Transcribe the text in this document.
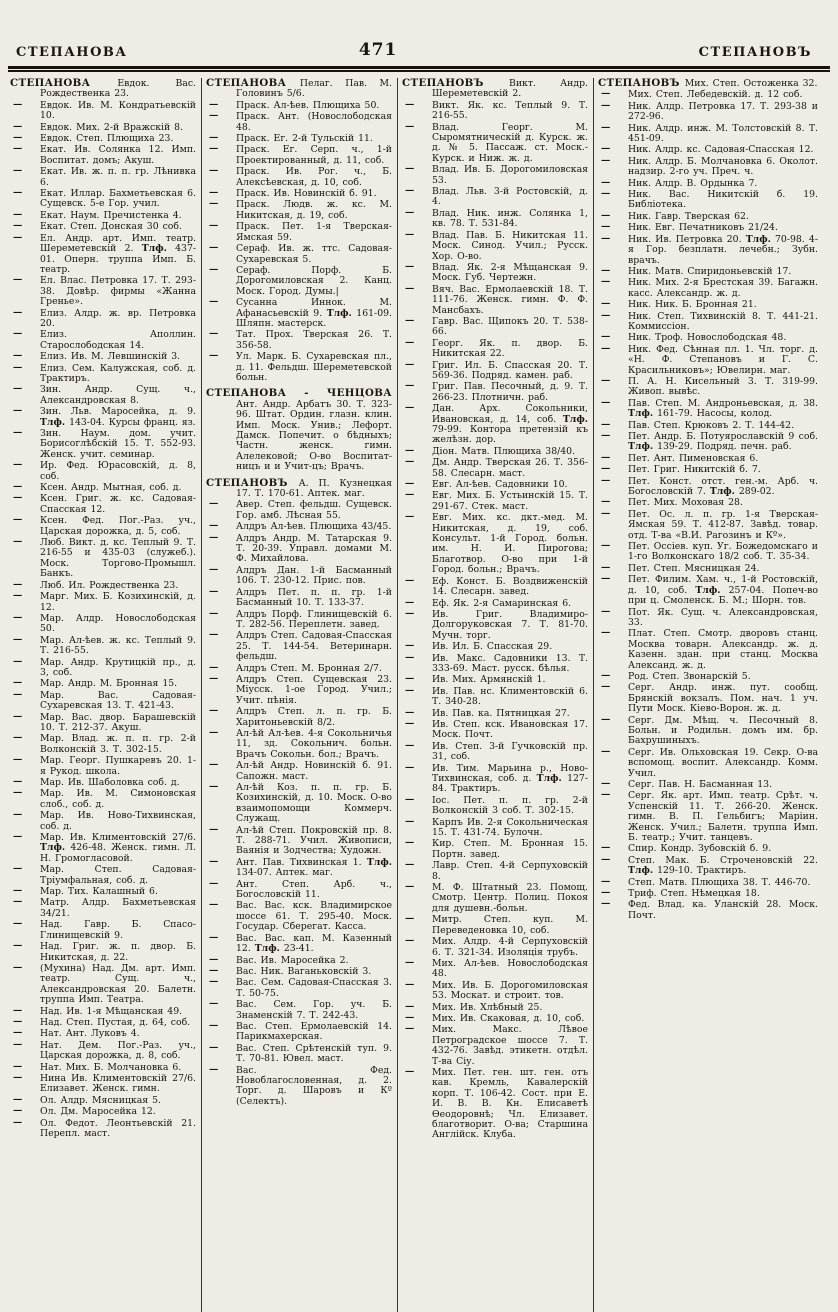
СТЕПАНОВА	471	СТЕПАНОВЪ

СТЕПАНОВА Евдок. Вас. Рождественка 23.

— Евдок. Ив. М. Кондратьевскій 10.

— Евдок. Мих. 2-й Вражскій 8.

— Евдок. Степ. Плющиха 23.

— Екат. Ив. Солянка 12. Имп. Воспитат. домъ; Акуш.

— Екат. Ив. ж. п. п. гр. Лѣнивка 6.

— Екат. Иллар. Бахметьевская 6. Сущевск. 5-е Гор. учил.

— Екат. Наум. Пречистенка 4.

— Екат. Степ. Донская 30 соб.

— Ел. Андр. арт. Имп. театр. Шереметевскій 2. Тлф. 437-01. Оперн. труппа Имп. Б. театр.

— Ел. Влас. Петровка 17. Т. 293-38. Довѣр. фирмы «Жанна Гренье».

— Елиз. Алдр. ж. вр. Петровка 20.

— Елиз. Аполлин. Старослободская 14.

— Елиз. Ив. М. Левшинскій 3.

— Елиз. Сем. Калужская, соб. д. Трактиръ.

— Зин. Андр. Сущ. ч., Александровская 8.

— Зин. Льв. Маросейка, д. 9. Тлф. 143-04. Курсы франц. яз.

— Зин. Наум. дом. учит. Борисоглѣбскій 15. Т. 552-93. Женск. учит. семинар.

— Ир. Фед. Юрасовскій, д. 8, соб.

— Ксен. Андр. Мытная, соб. д.

— Ксен. Григ. ж. кс. Садовая-Спасская 12.

— Ксен. Фед. Пог.-Раз. уч., Царская дорожка, д. 5, соб.

— Люб. Викт. д. кс. Теплый 9. Т. 216-55 и 435-03 (служеб.). Моск. Торгово-Промышл. Банкъ.

— Люб. Ил. Рождественка 23.

— Марг. Мих. Б. Козихинскій, д. 12.

— Мар. Алдр. Новослободская 50.

— Мар. Ал-ѣев. ж. кс. Теплый 9. Т. 216-55.

— Мар. Андр. Крутицкій пр., д. 3, соб.

— Мар. Андр. М. Бронная 15.

— Мар. Вас. Садовая-Сухаревская 13. Т. 421-43.

— Мар. Вас. двор. Барашевскій 10. Т. 212-37. Акуш.

— Мар. Влад. ж. п. п. гр. 2-й Волконскій 3. Т. 302-15.

— Мар. Георг. Пушкаревъ 20. 1-я Рукод. школа.

— Мар. Ив. Шаболовка соб. д.

— Мар. Ив. М. Симоновская слоб., соб. д.

— Мар. Ив. Ново-Тихвинская, соб. д.

— Мар. Ив. Климентовскій 27/6. Тлф. 426-48. Женск. гимн. Л. Н. Громогласовой.

— Мар. Степ. Садовая-Тріумфальная, соб. д.

— Мар. Тих. Калашный 6.

— Матр. Алдр. Бахметьевская 34/21.

— Над. Гавр. Б. Спасо-Глинищевскій 9.

— Над. Григ. ж. п. двор. Б. Никитская, д. 22.

— (Мухина) Над. Дм. арт. Имп. театр. Сущ. ч., Александровская 20. Балетн. труппа Имп. Театра.

— Над. Ив. 1-я Мѣщанская 49.

— Над. Степ. Пустая, д. 64, соб.

— Нат. Ант. Луковъ 4.

— Нат. Дем. Пог.-Раз. уч., Царская дорожка, д. 8, соб.

— Нат. Мих. Б. Молчановка 6.

— Нина Ив. Климентовскій 27/6. Елизавет. Женск. гимн.

— Ол. Алдр. Мясницкая 5.

— Ол. Дм. Маросейка 12.

— Ол. Федот. Леонтьевскій 21. Перепл. маст.

СТЕПАНОВА Пелаг. Пав. М. Головинъ 5/6.

— Праск. Ал-ѣев. Плющиха 50.

— Праск. Ант. (Новослободская 48.

— Праск. Ег. 2-й Тульскій 11.

— Праск. Ег. Серп. ч., 1-й Проектированный, д. 11, соб.

— Праск. Ив. Рог. ч., Б. Алексѣевская, д. 10, соб.

— Праск. Ив. Новинскій б. 91.

— Праск. Людв. ж. кс. М. Никитская, д. 19, соб.

— Праск. Пет. 1-я Тверская-Ямская 59.

— Сераф. Ив. ж. ттс. Садовая-Сухаревская 5.

— Сераф. Порф. Б. Дорогомиловская 2. Канц. Моск. Город. Думы.|

— Сусанна Иннок. М. Афанасьевскій 9. Тлф. 161-09. Шляпн. мастерск.

— Тат. Прох. Тверская 26. Т. 356-58.

— Ул. Марк. Б. Сухаревская пл., д. 11. Фельдш. Шереметевской больн.

СТЕПАНОВА - ЧЕНЦОВА Ант. Андр. Арбатъ 30. Т. 323-96. Штат. Ордин. глазн. клин. Имп. Моск. Унив.; Лефорт. Дамск. Попечит. о бѣдныхъ; Частн. женск. гимн. Алелековой; О-во Воспитат-ницъ и и Учит-цъ; Врачъ.

СТЕПАНОВЪ А. П. Кузнецкая 17. Т. 170-61. Аптек. маг.

— Авер. Степ. фельдш. Сущевск. Гор. амб. Лѣсная 55.

— Алдръ Ал-ѣев. Плющиха 43/45.

— Алдръ Андр. М. Татарская 9. Т. 20-39. Управл. домами М. Ф. Михайлова.

— Алдръ Дан. 1-й Басманный 106. Т. 230-12. Прис. пов.

— Алдръ Пет. п. п. гр. 1-й Басманный 10. Т. 133-37.

— Алдръ Порф. Глинищевскій 6. Т. 282-56. Переплетн. завед.

— Алдръ Степ. Садовая-Спасская 25. Т. 144-54. Ветеринарн. фельдш.

— Алдръ Степ. М. Бронная 2/7.

— Алдръ Степ. Сущевская 23. Міусск. 1-ое Город. Учил.; Учит. пѣнія.

— Алдръ Степ. л. п. гр. Б. Харитоньевскій 8/2.

— Ал-ѣй Ал-ѣев. 4-я Сокольничья 11, зд. Сокольнич. больн. Врачъ Сокольн. бол.; Врачъ.

— Ал-ѣй Андр. Новинскій б. 91. Сапожн. маст.

— Ал-ѣй Коз. п. п. гр. Б. Козихинскій, д. 10. Моск. О-во взаимопомощи Коммерч. Служащ.

— Ал-ѣй Степ. Покровскій пр. 8. Т. 288-71. Учил. Живописи, Ваянія и Зодчества; Художн.

— Ант. Пав. Тихвинская 1. Тлф. 134-07. Аптек. маг.

— Ант. Степ. Арб. ч., Богословскій 11.

— Вас. Вас. кск. Владимирское шоссе 61. Т. 295-40. Моск. Государ. Сберегат. Касса.

— Вас. Вас. кап. М. Казенный 12. Тлф. 23-41.

— Вас. Ив. Маросейка 2.

— Вас. Ник. Ваганьковскій 3.

— Вас. Сем. Садовая-Спасская 3. Т. 50-75.

— Вас. Сем. Гор. уч. Б. Знаменскій 7. Т. 242-43.

— Вас. Степ. Ермолаевскій 14. Парикмахерская.

— Вас. Степ. Срѣтенскій туп. 9. Т. 70-81. Ювел. маст.

— Вас. Фед. Новоблагословенная, д. 2. Торг. д. Шаровъ и Кº (Селектъ).

СТЕПАНОВЪ Викт. Андр. Шереметевскій 2.

— Викт. Як. кс. Теплый 9. Т. 216-55.

— Влад. Георг. М. Сыромятническій д. Курск. ж. д. № 5. Пассаж. ст. Моск.-Курск. и Ниж. ж. д.

— Влад. Ив. Б. Дорогомиловская 53.

— Влад. Льв. 3-й Ростовскій, д. 4.

— Влад. Ник. инж. Солянка 1, кв. 78. Т. 531-84.

— Влад. Пав. Б. Никитская 11. Моск. Синод. Учил.; Русск. Хор. О-во.

— Влад. Як. 2-я Мѣщанская 9. Моск. Губ. Чертежн.

— Вяч. Вас. Ермолаевскій 18. Т. 111-76. Женск. гимн. Ф. Ф. Мансбахъ.

— Гавр. Вас. Щипокъ 20. Т. 538-66.

— Георг. Як. п. двор. Б. Никитская 22.

— Григ. Ил. Б. Спасская 20. Т. 569-36. Подряд. камен. раб.

— Григ. Пав. Песочный, д. 9. Т. 266-23. Плотничн. раб.

— Дан. Арх. Сокольники, Ивановская, д. 14, соб. Тлф. 79-99. Контора претензій къ желѣзн. дор.

— Діон. Матв. Плющиха 38/40.

— Дм. Андр. Тверская 26. Т. 356-58. Слесарн. маст.

— Евг. Ал-ѣев. Садовники 10.

— Евг. Мих. Б. Устьинскій 15. Т. 291-67. Стек. маст.

— Евг. Мих. кс. дкт.-мед. М. Никитская, д. 19, соб. Консульт. 1-й Город. больн. им. Н. И. Пирогова; Благотвор. О-во при 1-й Город. больн.; Врачъ.

— Еф. Конст. Б. Воздвиженскій 14. Слесарн. завед.

— Еф. Як. 2-я Самаринская 6.

— Ив. Григ. Владимиро-Долгоруковская 7. Т. 81-70. Мучн. торг.

— Ив. Ил. Б. Спасская 29.

— Ив. Макс. Садовники 13. Т. 333-69. Маст. русск. бѣлья.

— Ив. Мих. Армянскій 1.

— Ив. Пав. нс. Климентовскій 6. Т. 340-28.

— Ив. Пав. ка. Пятницкая 27.

— Ив. Степ. кск. Ивановская 17. Моск. Почт.

— Ив. Степ. 3-й Гучковскій пр. 31, соб.

— Ив. Тим. Марьина р., Ново-Тихвинская, соб. д. Тлф. 127-84. Трактиръ.

— Іос. Пет. п. п. гр. 2-й Волконскій 3 соб. Т. 302-15.

— Карпъ Ив. 2-я Сокольническая 15. Т. 431-74. Булочн.

— Кир. Степ. М. Бронная 15. Портн. завед.

— Лавр. Степ. 4-й Серпуховскій 8.

— М. Ф. Штатный 23. Помощ. Смотр. Центр. Полиц. Покоя для душевн.-больн.

— Митр. Степ. куп. М. Переведеновка 10, соб.

— Мих. Алдр. 4-й Серпуховскій 6. Т. 321-34. Изоляція трубъ.

— Мих. Ал-ѣев. Новослободская 48.

— Мих. Ив. Б. Дорогомиловская 53. Москат. и строит. тов.

— Мих. Ив. Хлѣбный 25.

— Мих. Ив. Скаковая, д. 10, соб.

— Мих. Макс. Лѣвое Петроградское шоссе 7. Т. 432-76. Завѣд. этикетн. отдѣл. Т-ва Сіу.

— Мих. Пет. ген. шт. ген. отъ кав. Кремль, Кавалерскій корп. Т. 106-42. Сост. при Е. И. В. В. Кн. Елисаветѣ Ѳеодоровнѣ; Чл. Елизавет. благотворит. О-ва; Старшина Англійск. Клуба.

СТЕПАНОВЪ Мих. Степ. Остоженка 32.

— Мих. Степ. Лебедевскій. д. 12 соб.

— Ник. Алдр. Петровка 17. Т. 293-38 и 272-96.

— Ник. Алдр. инж. М. Толстовскій 8. Т. 451-09.

— Ник. Алдр. кс. Садовая-Спасская 12.

— Ник. Алдр. Б. Молчановка 6. Околот. надзир. 2-го уч. Преч. ч.

— Ник. Алдр. В. Ордынка 7.

— Ник. Вас. Никитскій б. 19. Библіотека.

— Ник. Гавр. Тверская 62.

— Ник. Евг. Печатниковъ 21/24.

— Ник. Ив. Петровка 20. Тлф. 70-98. 4-я Гор. безплатн. лечебн.; Зубн. врачъ.

— Ник. Матв. Спиридоньевскій 17.

— Ник. Мих. 2-я Брестская 39. Багажн. касс. Александр. ж. д.

— Ник. Ник. Б. Бронная 21.

— Ник. Степ. Тихвинскій 8. Т. 441-21. Коммиссіон.

— Ник. Троф. Новослободская 48.

— Ник. Фед. Сѣнная пл. 1. Чл. торг. д. «Н. Ф. Степановъ и Г. С. Красильниковъ»; Ювелирн. маг.

— П. А. Н. Кисельный 3. Т. 319-99. Живоп. вывѣс.

— Пав. Степ. М. Андроньевская, д. 38. Тлф. 161-79. Насосы, колод.

— Пав. Степ. Крюковъ 2. Т. 144-42.

— Пет. Андр. Б. Потуярославскій 9 соб. Тлф. 139-29. Подряд. печн. раб.

— Пет. Ант. Пименовская 6.

— Пет. Григ. Никитскій б. 7.

— Пет. Конст. отст. ген.-м. Арб. ч. Богословскій 7. Тлф. 289-02.

— Пет. Мих. Моховая 28.

— Пет. Ос. л. п. гр. 1-я Тверская-Ямская 59. Т. 412-87. Завѣд. товар. отд. Т-ва «В.И. Рагозинъ и Кº».

— Пет. Оссіев. куп. Уг. Божедомскаго и 1-го Волконскаго 18/2 соб. Т. 35-34.

— Пет. Степ. Мясницкая 24.

— Пет. Филим. Хам. ч., 1-й Ростовскій, д. 10, соб. Тлф. 257-04. Попеч-во при ц. Смоленск. Б. М.; Шорн. тов.

— Пот. Як. Сущ. ч. Александровская, 33.

— Плат. Степ. Смотр. дворовъ станц. Москва товарн. Александр. ж. д. Казенн. здан. при станц. Москва Александ. ж. д.

— Род. Степ. Звонарскій 5.

— Серг. Андр. инж. пут. сообщ. Брянскій вокзалъ. Пом. нач. 1 уч. Пути Моск. Кіево-Ворон. ж. д.

— Серг. Дм. Мѣщ. ч. Песочный 8. Больн. и Родильн. домъ им. бр. Бахрушиныхъ.

— Серг. Ив. Ольховская 19. Секр. О-ва вспомощ. воспит. Александр. Комм. Учил.

— Серг. Пав. Н. Басманная 13.

— Серг. Як. арт. Имп. театр. Срѣт. ч. Успенскій 11. Т. 266-20. Женск. гимн. В. П. Гельбигъ; Маріин. Женск. Учил.; Балетн. труппа Имп. Б. театр.; Учит. танцевъ.

— Спир. Кондр. Зубовскій б. 9.

— Степ. Мак. Б. Строченовскій 22. Тлф. 129-10. Трактиръ.

— Степ. Матв. Плющиха 38. Т. 446-70.

— Триф. Степ. Нѣмецкая 18.

— Фед. Влад. ка. Уланскій 28. Моск. Почт.
